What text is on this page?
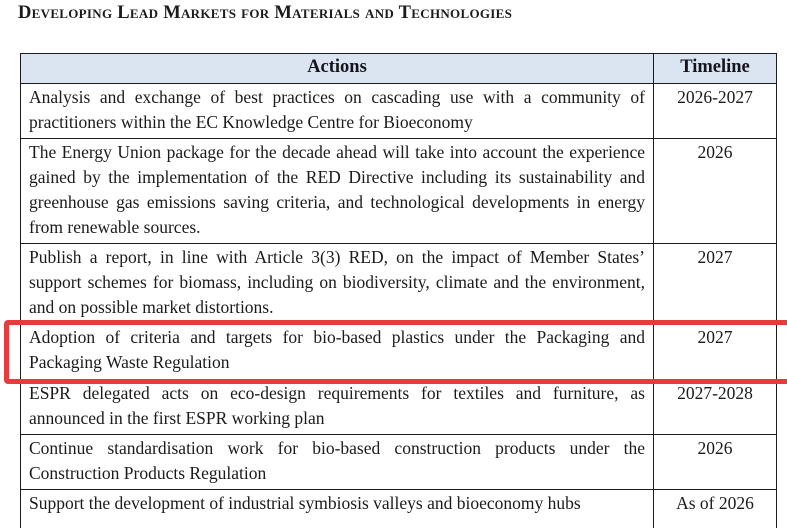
Developing Lead Markets for Materials and Technologies
Actions	Timeline
Analysis and exchange of best practices on cascading use with a community of practitioners within the EC Knowledge Centre for Bioeconomy	2026-2027
The Energy Union package for the decade ahead will take into account the experience gained by the implementation of the RED Directive including its sustainability and greenhouse gas emissions saving criteria, and technological developments in energy from renewable sources.	2026
Publish a report, in line with Article 3(3) RED, on the impact of Member States’ support schemes for biomass, including on biodiversity, climate and the environment, and on possible market distortions.	2027
Adoption of criteria and targets for bio-based plastics under the Packaging and Packaging Waste Regulation	2027
ESPR delegated acts on eco-design requirements for textiles and furniture, as announced in the first ESPR working plan	2027-2028
Continue standardisation work for bio-based construction products under the Construction Products Regulation	2026
Support the development of industrial symbiosis valleys and bioeconomy hubs	As of 2026
